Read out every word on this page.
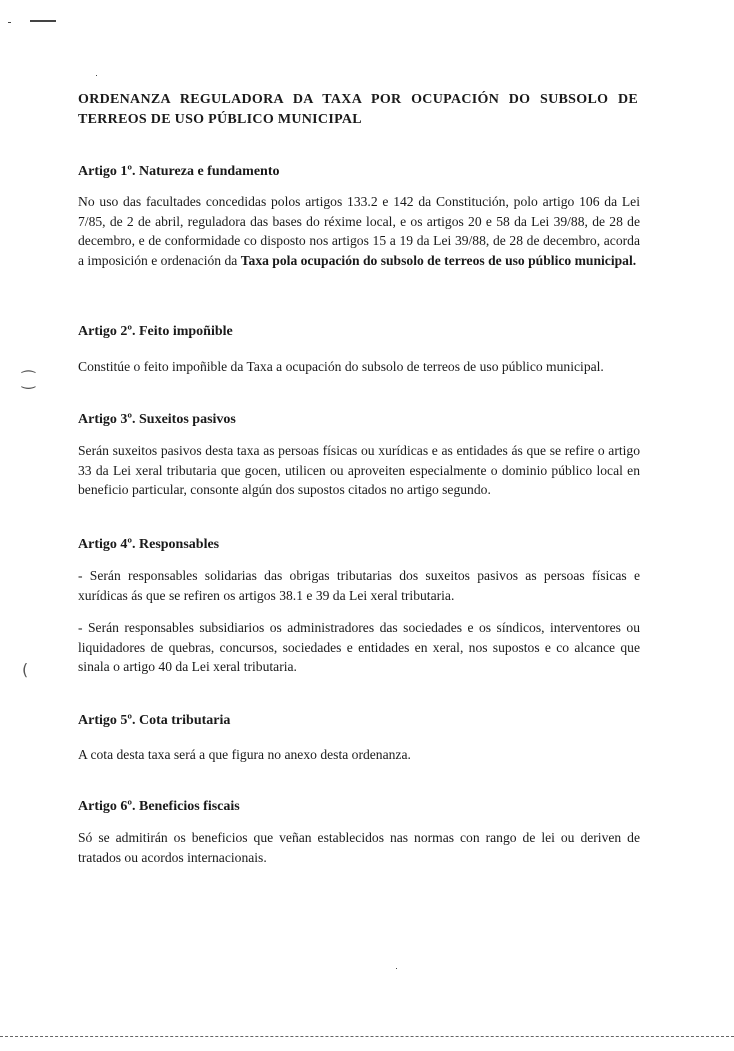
⁐
(
ORDENANZA REGULADORA DA TAXA POR OCUPACIÓN DO SUBSOLO DE TERREOS DE USO PÚBLICO MUNICIPAL
Artigo 1º. Natureza e fundamento
No uso das facultades concedidas polos artigos 133.2 e 142 da Constitución, polo artigo 106 da Lei 7/85, de 2 de abril, reguladora das bases do réxime local, e os artigos 20 e 58 da Lei 39/88, de 28 de decembro, e de conformidade co disposto nos artigos 15 a 19 da Lei 39/88, de 28 de decembro, acorda a imposición e ordenación da Taxa pola ocupación do subsolo de terreos de uso público municipal.
Artigo 2º. Feito impoñible
Constitúe o feito impoñible da Taxa a ocupación do subsolo de terreos de uso público municipal.
Artigo 3º. Suxeitos pasivos
Serán suxeitos pasivos desta taxa as persoas físicas ou xurídicas e as entidades ás que se refire o artigo 33 da Lei xeral tributaria que gocen, utilicen ou aproveiten especialmente o dominio público local en beneficio particular, consonte algún dos supostos citados no artigo segundo.
Artigo 4º. Responsables
- Serán responsables solidarias das obrigas tributarias dos suxeitos pasivos as persoas físicas e xurídicas ás que se refiren os artigos 38.1 e 39 da Lei xeral tributaria.
- Serán responsables subsidiarios os administradores das sociedades e os síndicos, interventores ou liquidadores de quebras, concursos, sociedades e entidades en xeral, nos supostos e co alcance que sinala o artigo 40 da Lei xeral tributaria.
Artigo 5º. Cota tributaria
A cota desta taxa será a que figura no anexo desta ordenanza.
Artigo 6º. Beneficios fiscais
Só se admitirán os beneficios que veñan establecidos nas normas con rango de lei ou deriven de tratados ou acordos internacionais.
